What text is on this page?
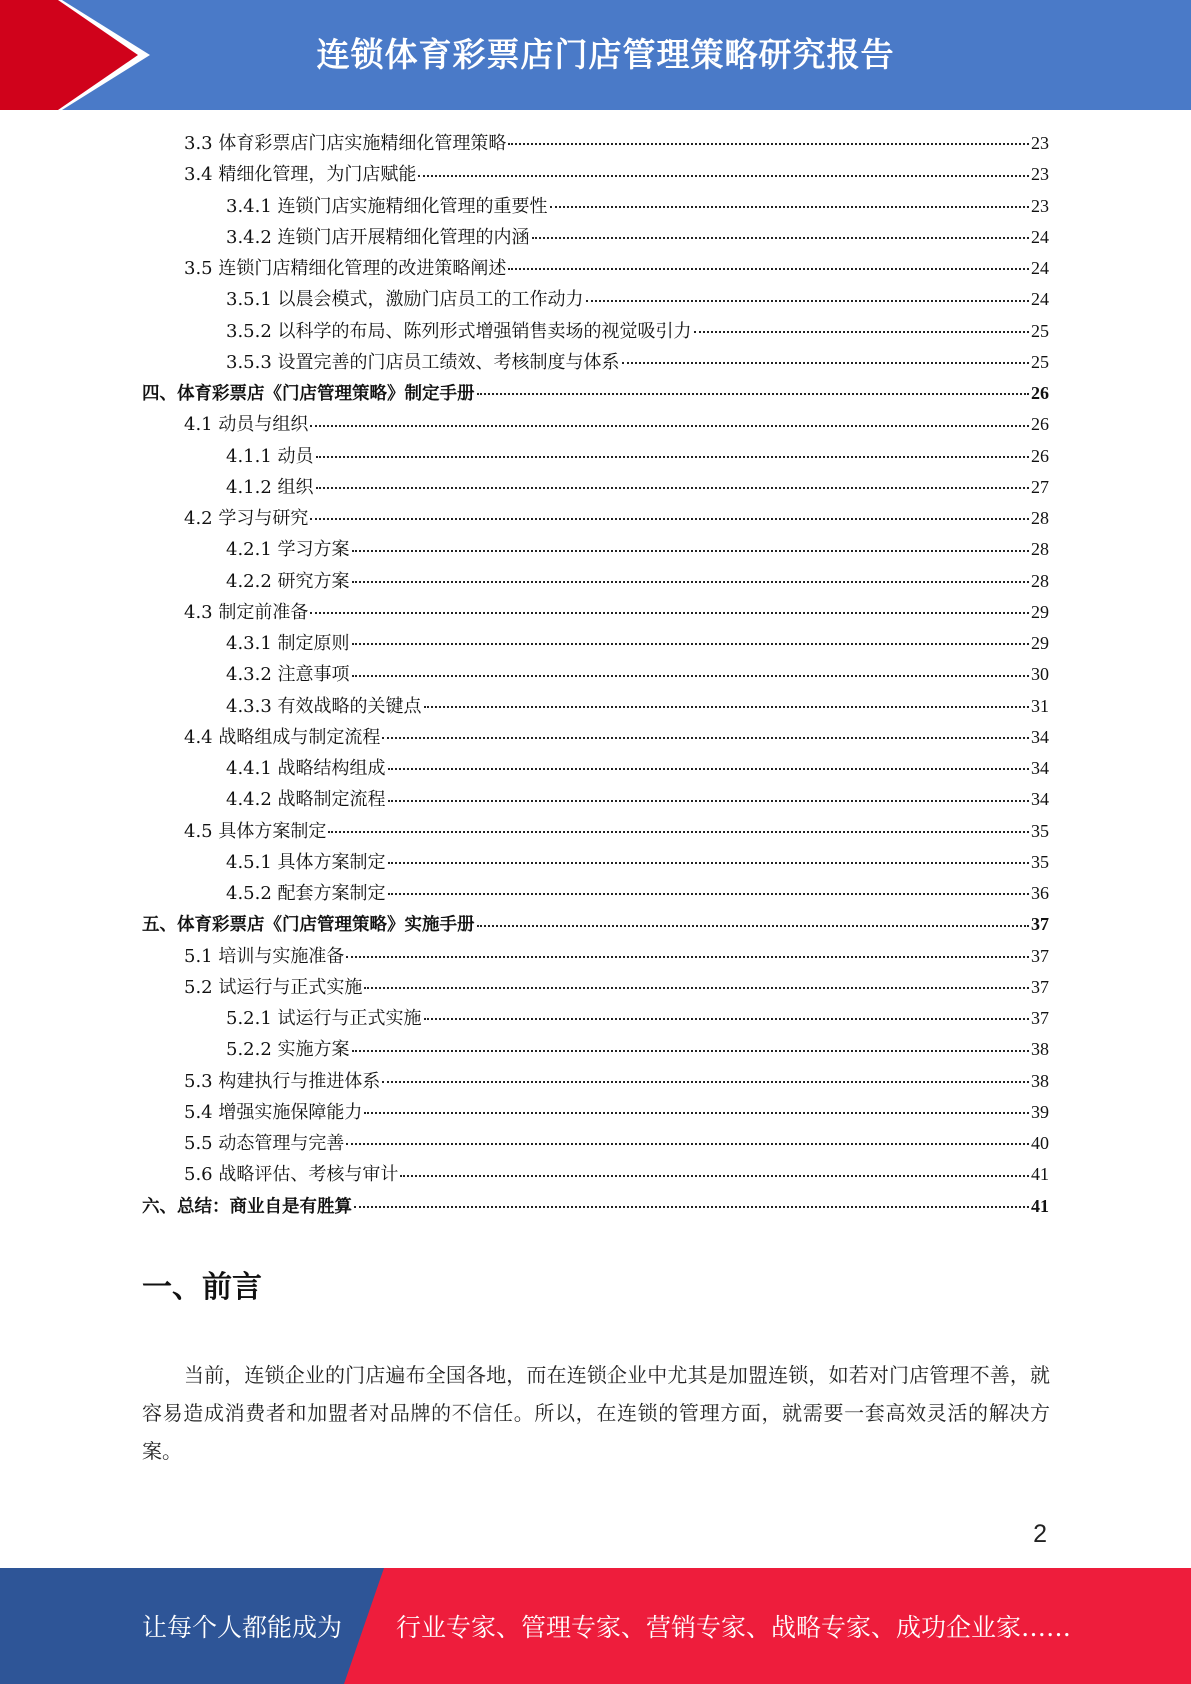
连锁体育彩票店门店管理策略研究报告
3.3 体育彩票店门店实施精细化管理策略	23
3.4 精细化管理，为门店赋能	23
3.4.1 连锁门店实施精细化管理的重要性	23
3.4.2 连锁门店开展精细化管理的内涵	24
3.5 连锁门店精细化管理的改进策略阐述	24
3.5.1 以晨会模式，激励门店员工的工作动力	24
3.5.2 以科学的布局、陈列形式增强销售卖场的视觉吸引力	25
3.5.3 设置完善的门店员工绩效、考核制度与体系	25
四、体育彩票店《门店管理策略》制定手册	26
4.1 动员与组织	26
4.1.1 动员	26
4.1.2 组织	27
4.2 学习与研究	28
4.2.1 学习方案	28
4.2.2 研究方案	28
4.3 制定前准备	29
4.3.1 制定原则	29
4.3.2 注意事项	30
4.3.3 有效战略的关键点	31
4.4 战略组成与制定流程	34
4.4.1 战略结构组成	34
4.4.2 战略制定流程	34
4.5 具体方案制定	35
4.5.1 具体方案制定	35
4.5.2 配套方案制定	36
五、体育彩票店《门店管理策略》实施手册	37
5.1 培训与实施准备	37
5.2 试运行与正式实施	37
5.2.1 试运行与正式实施	37
5.2.2 实施方案	38
5.3 构建执行与推进体系	38
5.4 增强实施保障能力	39
5.5 动态管理与完善	40
5.6 战略评估、考核与审计	41
六、总结：商业自是有胜算	41
一、前言
当前，连锁企业的门店遍布全国各地，而在连锁企业中尤其是加盟连锁，如若对门店管理不善，就容易造成消费者和加盟者对品牌的不信任。所以，在连锁的管理方面，就需要一套高效灵活的解决方案。
2
让每个人都能成为 行业专家、管理专家、营销专家、战略专家、成功企业家……
